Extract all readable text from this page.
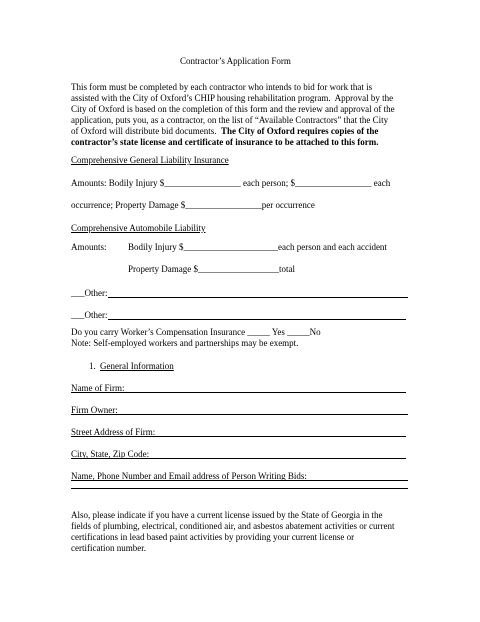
Contractor’s Application Form
This form must be completed by each contractor who intends to bid for work that is
assisted with the City of Oxford’s CHIP housing rehabilitation program.  Approval by the
City of Oxford is based on the completion of this form and the review and approval of the
application, puts you, as a contractor, on the list of “Available Contractors” that the City
of Oxford will distribute bid documents.  The City of Oxford requires copies of the
contractor’s state license and certificate of insurance to be attached to this form.
Comprehensive General Liability Insurance
Amounts: Bodily Injury $_________________ each person; $_________________ each
occurrence; Property Damage $_________________per occurrence
Comprehensive Automobile Liability
Amounts: Bodily Injury $_____________________each person and each accident
Property Damage $__________________total
___Other:
___Other:
Do you carry Worker’s Compensation Insurance _____ Yes _____No
Note: Self-employed workers and partnerships may be exempt.
1. General Information
Name of Firm:
Firm Owner:
Street Address of Firm:
City, State, Zip Code:
Name, Phone Number and Email address of Person Writing Bids:
Also, please indicate if you have a current license issued by the State of Georgia in the
fields of plumbing, electrical, conditioned air, and asbestos abatement activities or current
certifications in lead based paint activities by providing your current license or
certification number.
